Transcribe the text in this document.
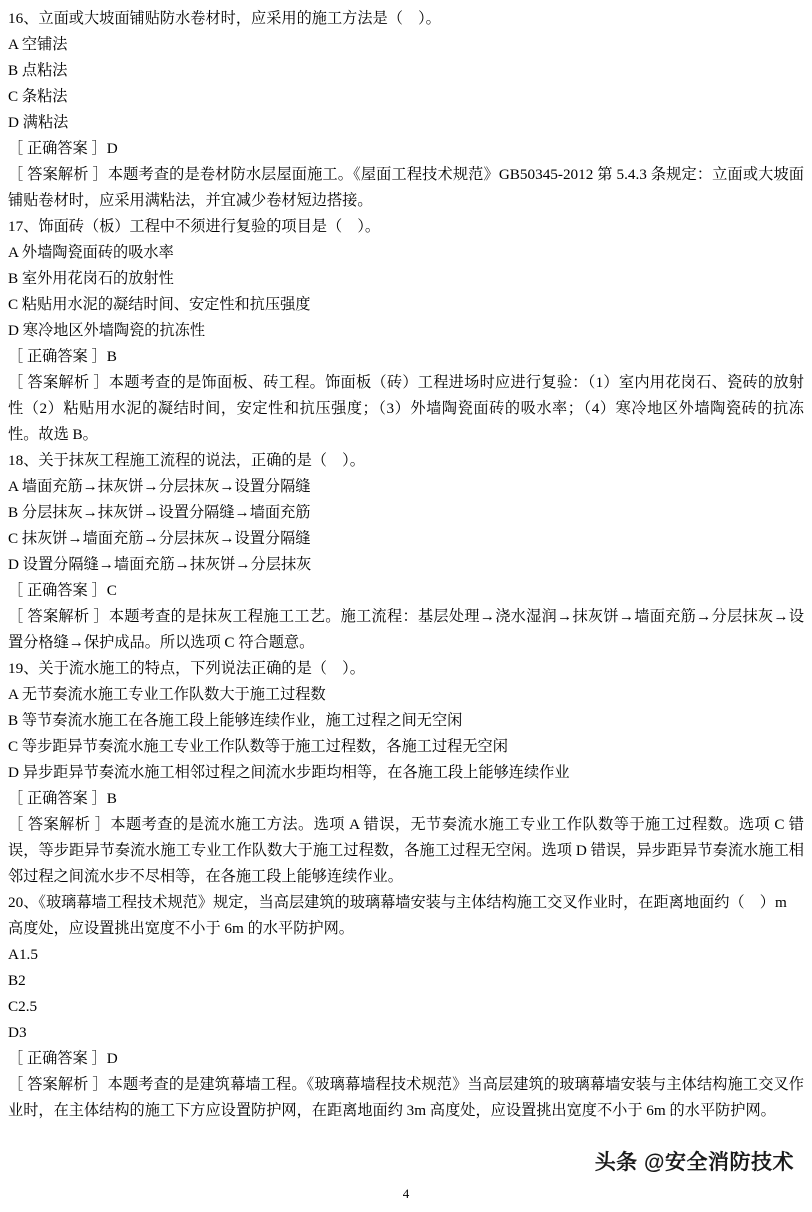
16、立面或大坡面铺贴防水卷材时，应采用的施工方法是（　）。
A 空铺法
B 点粘法
C 条粘法
D 满粘法
［ 正确答案 ］D
［ 答案解析 ］本题考查的是卷材防水层屋面施工。《屋面工程技术规范》GB50345-2012 第 5.4.3 条规定：立面或大坡面铺贴卷材时，应采用满粘法，并宜减少卷材短边搭接。
17、饰面砖（板）工程中不须进行复验的项目是（　）。
A 外墙陶瓷面砖的吸水率
B 室外用花岗石的放射性
C 粘贴用水泥的凝结时间、安定性和抗压强度
D 寒冷地区外墙陶瓷的抗冻性
［ 正确答案 ］B
［ 答案解析 ］本题考查的是饰面板、砖工程。饰面板（砖）工程进场时应进行复验：（1）室内用花岗石、瓷砖的放射性（2）粘贴用水泥的凝结时间，安定性和抗压强度；（3）外墙陶瓷面砖的吸水率；（4）寒冷地区外墙陶瓷砖的抗冻性。故选 B。
18、关于抹灰工程施工流程的说法，正确的是（　）。
A 墙面充筋→抹灰饼→分层抹灰→设置分隔缝
B 分层抹灰→抹灰饼→设置分隔缝→墙面充筋
C 抹灰饼→墙面充筋→分层抹灰→设置分隔缝
D 设置分隔缝→墙面充筋→抹灰饼→分层抹灰
［ 正确答案 ］C
［ 答案解析 ］本题考查的是抹灰工程施工工艺。施工流程：基层处理→浇水湿润→抹灰饼→墙面充筋→分层抹灰→设置分格缝→保护成品。所以选项 C 符合题意。
19、关于流水施工的特点，下列说法正确的是（　）。
A 无节奏流水施工专业工作队数大于施工过程数
B 等节奏流水施工在各施工段上能够连续作业，施工过程之间无空闲
C 等步距异节奏流水施工专业工作队数等于施工过程数，各施工过程无空闲
D 异步距异节奏流水施工相邻过程之间流水步距均相等，在各施工段上能够连续作业
［ 正确答案 ］B
［ 答案解析 ］本题考查的是流水施工方法。选项 A 错误，无节奏流水施工专业工作队数等于施工过程数。选项 C 错误，等步距异节奏流水施工专业工作队数大于施工过程数，各施工过程无空闲。选项 D 错误，异步距异节奏流水施工相邻过程之间流水步不尽相等，在各施工段上能够连续作业。
20、《玻璃幕墙工程技术规范》规定，当高层建筑的玻璃幕墙安装与主体结构施工交叉作业时，在距离地面约（　）m 高度处，应设置挑出宽度不小于 6m 的水平防护网。
A1.5
B2
C2.5
D3
［ 正确答案 ］D
［ 答案解析 ］本题考查的是建筑幕墙工程。《玻璃幕墙程技术规范》当高层建筑的玻璃幕墙安装与主体结构施工交叉作业时，在主体结构的施工下方应设置防护网，在距离地面约 3m 高度处，应设置挑出宽度不小于 6m 的水平防护网。
头条 @安全消防技术
4
